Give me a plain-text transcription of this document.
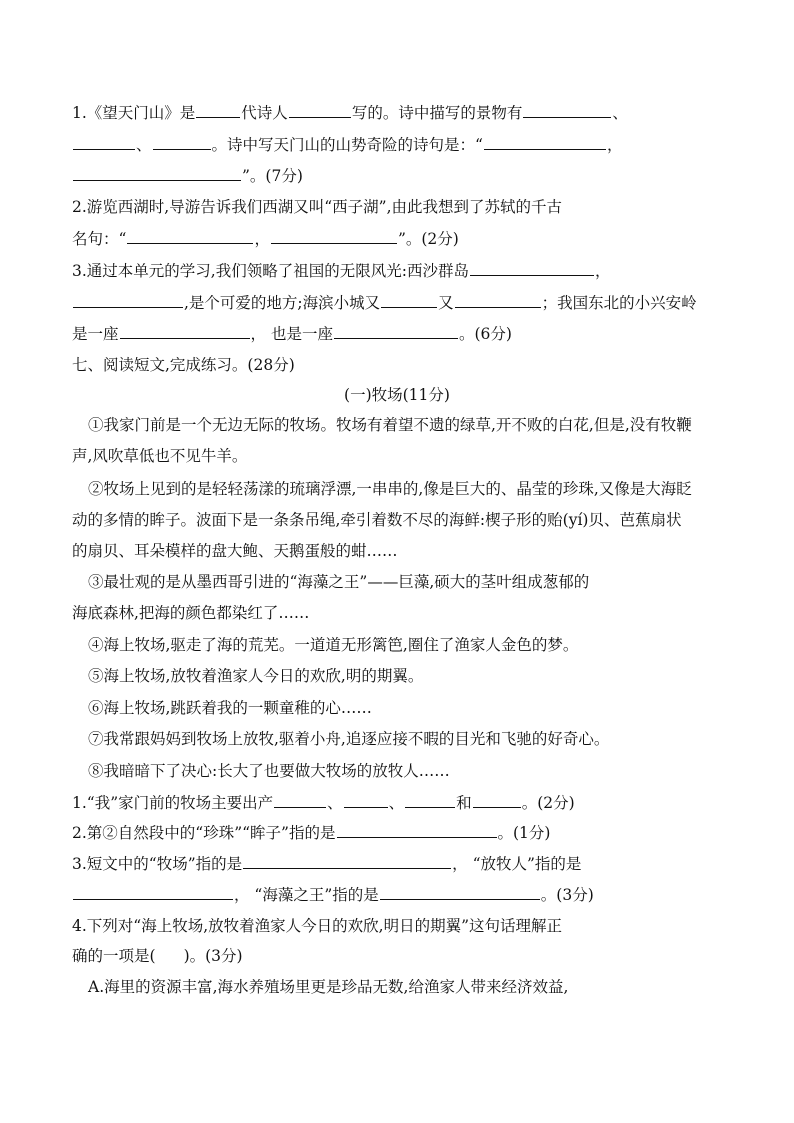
1.《望天门山》是	代诗人	写的。诗中描写的景物有	、
、	。诗中写天门山的山势奇险的诗句是：“	，
”。(7分)
2.游览西湖时,导游告诉我们西湖又叫“西子湖”,由此我想到了苏轼的千古
名句：“	，	”。(2分)
3.通过本单元的学习,我们领略了祖国的无限风光:西沙群岛	，
,是个可爱的地方;海滨小城又	又	；我国东北的小兴安岭
是一座	， 也是一座	。(6分)
七、阅读短文,完成练习。(28分)
(一)牧场(11分)
①我家门前是一个无边无际的牧场。牧场有着望不遗的绿草,开不败的白花,但是,没有牧鞭
声,风吹草低也不见牛羊。
②牧场上见到的是轻轻荡漾的琉璃浮漂,一串串的,像是巨大的、晶莹的珍珠,又像是大海眨
动的多情的眸子。波面下是一条条吊绳,牵引着数不尽的海鲜:楔子形的贻(yí)贝、芭蕉扇状
的扇贝、耳朵模样的盘大鲍、天鹅蛋般的蚶……
③最壮观的是从墨西哥引进的“海藻之王”——巨藻,硕大的茎叶组成葱郁的
海底森林,把海的颜色都染红了……
④海上牧场,驱走了海的荒芜。一道道无形篱笆,圈住了渔家人金色的梦。
⑤海上牧场,放牧着渔家人今日的欢欣,明的期翼。
⑥海上牧场,跳跃着我的一颗童稚的心……
⑦我常跟妈妈到牧场上放牧,驱着小舟,追逐应接不暇的目光和飞驰的好奇心。
⑧我暗暗下了决心:长大了也要做大牧场的放牧人……
1.“我”家门前的牧场主要出产	、	、	和	。(2分)
2.第②自然段中的“珍珠”“眸子”指的是	。(1分)
3.短文中的“牧场”指的是	， “放牧人”指的是
， “海藻之王”指的是	。(3分)
4.下列对“海上牧场,放牧着渔家人今日的欢欣,明日的期翼”这句话理解正
确的一项是( )。(3分)
A.海里的资源丰富,海水养殖场里更是珍品无数,给渔家人带来经济效益,
